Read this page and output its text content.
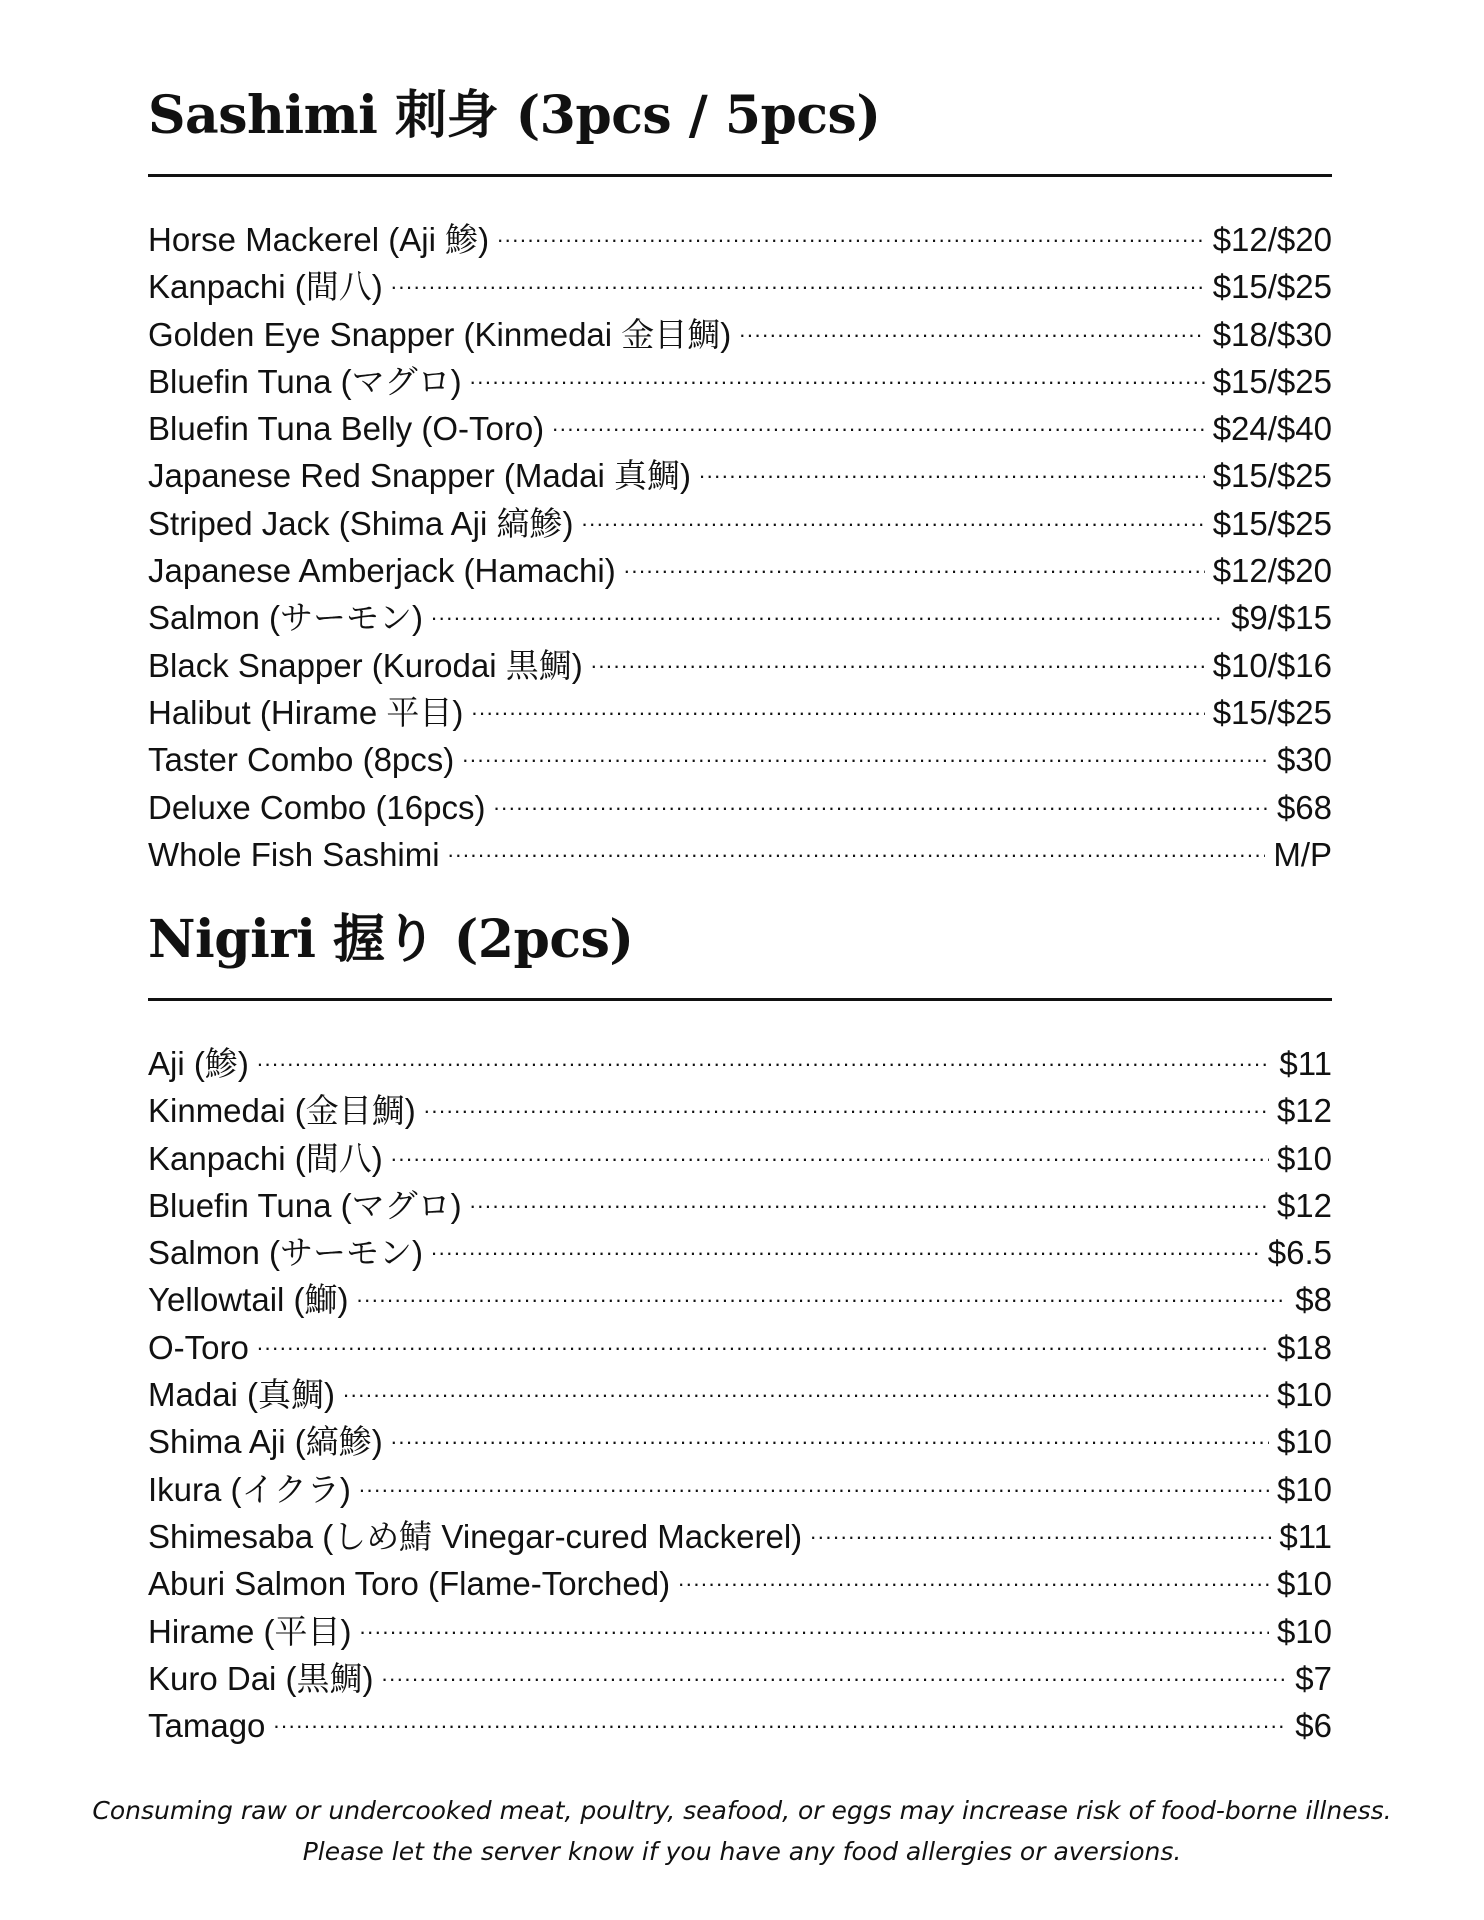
Sashimi 刺身 (3pcs / 5pcs)
Horse Mackerel (Aji 鯵) .....	$12/$20
Kanpachi (間八) .....	$15/$25
Golden Eye Snapper (Kinmedai 金目鯛) .....	$18/$30
Bluefin Tuna (マグロ) .....	$15/$25
Bluefin Tuna Belly (O-Toro) .....	$24/$40
Japanese Red Snapper (Madai 真鯛) .....	$15/$25
Striped Jack (Shima Aji 縞鯵) .....	$15/$25
Japanese Amberjack (Hamachi) .....	$12/$20
Salmon (サーモン) .....	$9/$15
Black Snapper (Kurodai 黒鯛) .....	$10/$16
Halibut (Hirame 平目) .....	$15/$25
Taster Combo (8pcs) .....	$30
Deluxe Combo (16pcs) .....	$68
Whole Fish Sashimi .....	M/P
Nigiri 握り (2pcs)
Aji (鯵) .....	$11
Kinmedai (金目鯛) .....	$12
Kanpachi (間八) .....	$10
Bluefin Tuna (マグロ) .....	$12
Salmon (サーモン) .....	$6.5
Yellowtail (鰤) .....	$8
O-Toro .....	$18
Madai (真鯛) .....	$10
Shima Aji (縞鯵) .....	$10
Ikura (イクラ) .....	$10
Shimesaba (しめ鯖 Vinegar-cured Mackerel) .....	$11
Aburi Salmon Toro (Flame-Torched) .....	$10
Hirame (平目) .....	$10
Kuro Dai (黒鯛) .....	$7
Tamago .....	$6
Consuming raw or undercooked meat, poultry, seafood, or eggs may increase risk of food-borne illness.
Please let the server know if you have any food allergies or aversions.
